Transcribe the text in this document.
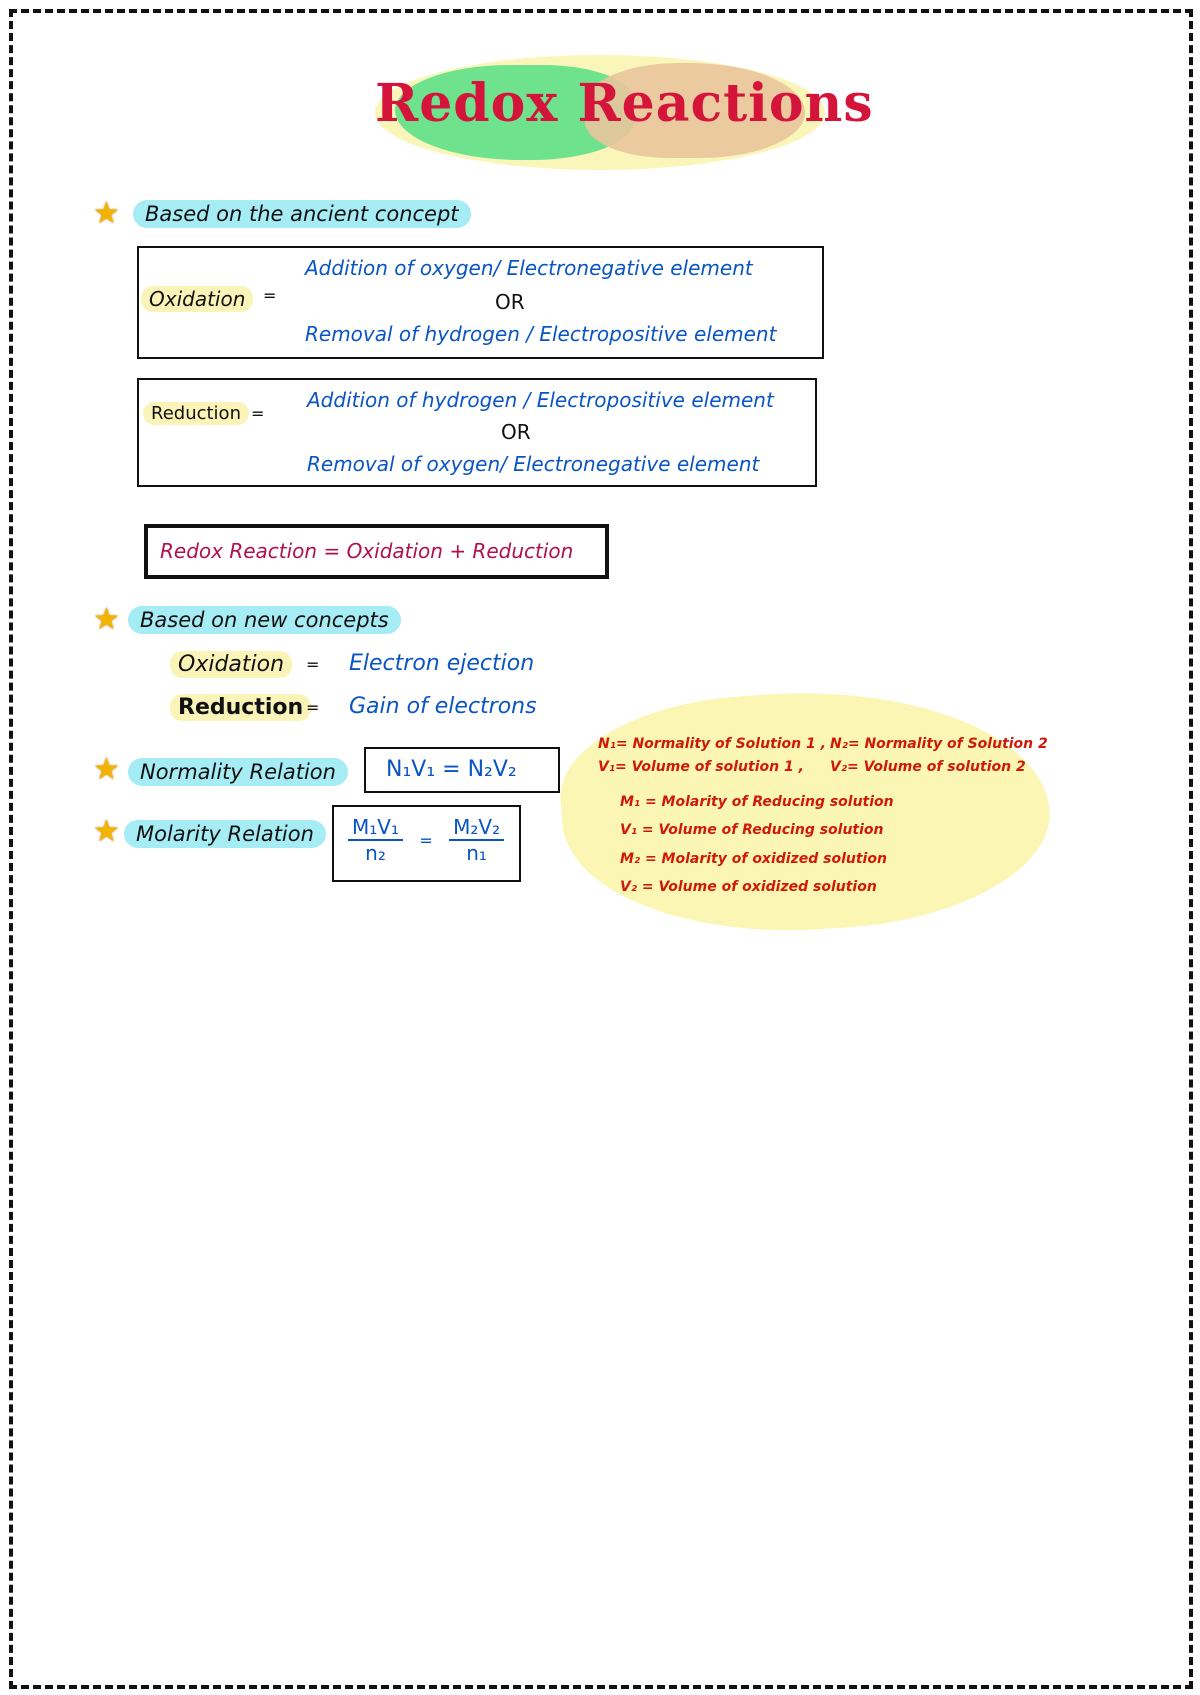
Redox Reactions
★	Based on the ancient concept
Oxidation	=
Addition of oxygen/ Electronegative element
OR
Removal of hydrogen / Electropositive element
Reduction =
Addition of hydrogen / Electropositive element
OR
Removal of oxygen/ Electronegative element
Redox Reaction = Oxidation + Reduction
★ Based on new concepts
Oxidation	= Electron ejection
Reduction = Gain of electrons
★ Normality Relation	N₁V₁ = N₂V₂
★ Molarity Relation	$\frac{\text{M₁V₁}}{\text{n₂}} = \frac{\text{M₂V₂}}{\text{n₁}}$
N₁= Normality of Solution 1 , N₂= Normality of Solution 2
V₁= Volume of solution 1 , V₂= Volume of solution 2
M₁ = Molarity of Reducing solution
V₁ = Volume of Reducing solution
M₂ = Molarity of oxidized solution
V₂ = Volume of oxidized solution
